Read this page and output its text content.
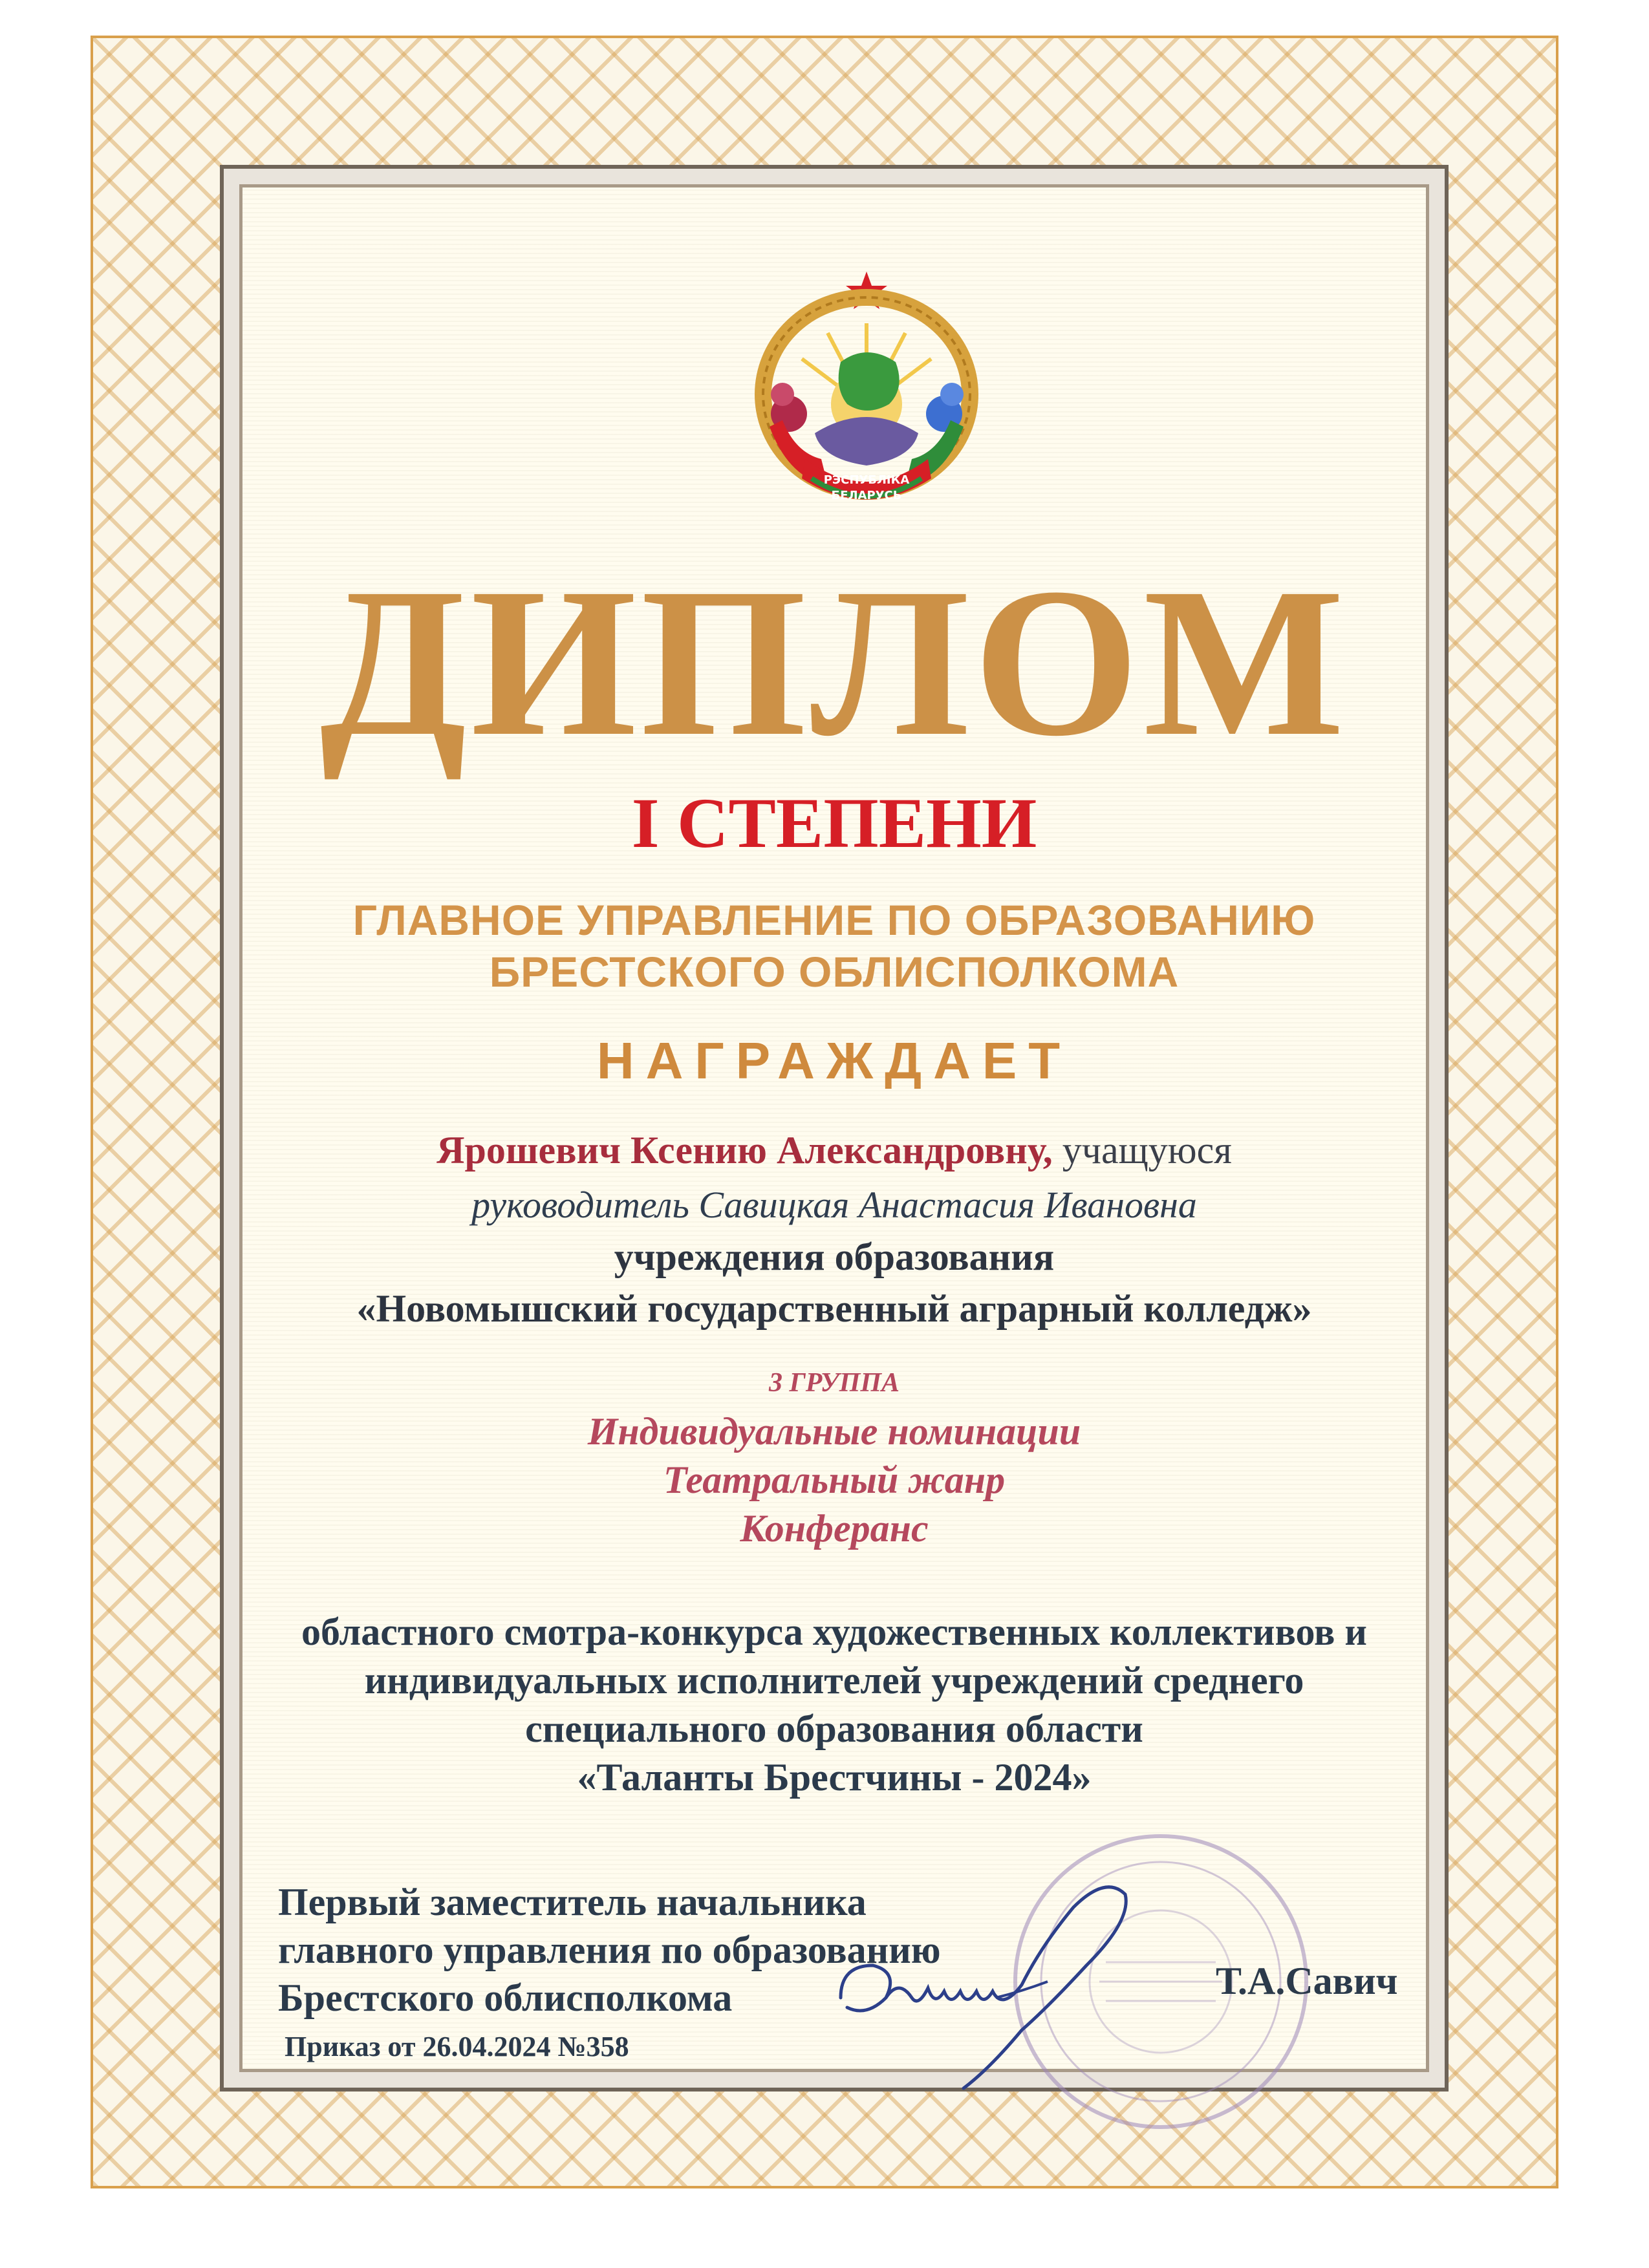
РЭСПУБЛІКА
БЕЛАРУСЬ
ДИПЛОМ

I СТЕПЕНИ

ГЛАВНОЕ УПРАВЛЕНИЕ ПО ОБРАЗОВАНИЮ

БРЕСТСКОГО ОБЛИСПОЛКОМА

НАГРАЖДАЕТ

Ярошевич Ксению Александровну, учащуюся

руководитель Савицкая Анастасия Ивановна

учреждения образования

«Новомышский государственный аграрный колледж»

3 ГРУППА

Индивидуальные номинации

Театральный жанр

Конферанс

областного смотра-конкурса художественных коллективов и

индивидуальных исполнителей учреждений среднего

специального образования области

«Таланты Брестчины - 2024»

Первый заместитель начальника
главного управления по образованию
Брестского облисполкома	Т.А.Савич

Приказ от 26.04.2024 №358
